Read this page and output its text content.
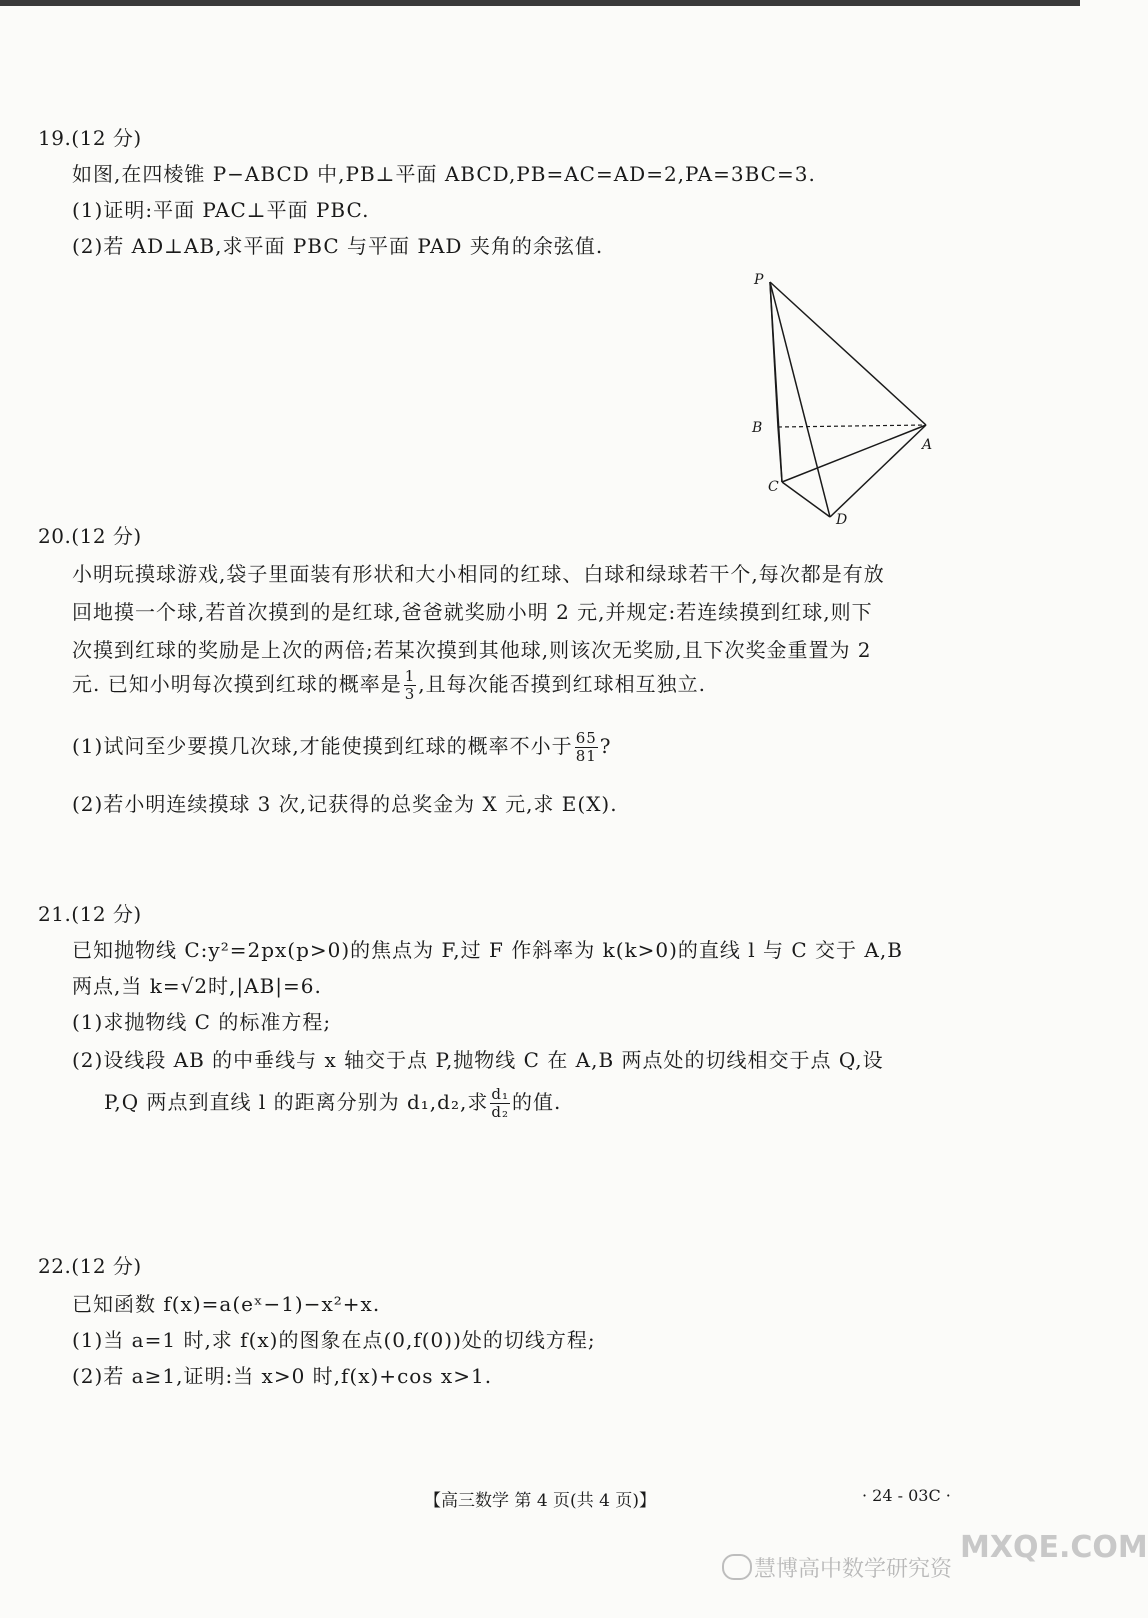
19.(12 分)
如图,在四棱锥 P−ABCD 中,PB⊥平面 ABCD,PB=AC=AD=2,PA=3BC=3.
(1)证明:平面 PAC⊥平面 PBC.
(2)若 AD⊥AB,求平面 PBC 与平面 PAD 夹角的余弦值.
P
B
A
C
D
20.(12 分)
小明玩摸球游戏,袋子里面装有形状和大小相同的红球、白球和绿球若干个,每次都是有放
回地摸一个球,若首次摸到的是红球,爸爸就奖励小明 2 元,并规定:若连续摸到红球,则下
次摸到红球的奖励是上次的两倍;若某次摸到其他球,则该次无奖励,且下次奖金重置为 2
元. 已知小明每次摸到红球的概率是 $\frac{1}{3}$ ,且每次能否摸到红球相互独立.
(1)试问至少要摸几次球,才能使摸到红球的概率不小于 $\frac{65}{81}$ ?
(2)若小明连续摸球 3 次,记获得的总奖金为 X 元,求 E(X).
21.(12 分)
已知抛物线 C:y²=2px(p>0)的焦点为 F,过 F 作斜率为 k(k>0)的直线 l 与 C 交于 A,B
两点,当 k=√2时,|AB|=6.
(1)求抛物线 C 的标准方程;
(2)设线段 AB 的中垂线与 x 轴交于点 P,抛物线 C 在 A,B 两点处的切线相交于点 Q,设
P,Q 两点到直线 l 的距离分别为 d₁,d₂,求 $\frac{\text{d₁}}{\text{d₂}}$ 的值.
22.(12 分)
已知函数 f(x)=a(eˣ−1)−x²+x.
(1)当 a=1 时,求 f(x)的图象在点(0,f(0))处的切线方程;
(2)若 a≥1,证明:当 x>0 时,f(x)+cos x>1.
【高三数学 第 4 页(共 4 页)】	· 24 - 03C ·
慧博高中数学研究资
MXQE.COM
